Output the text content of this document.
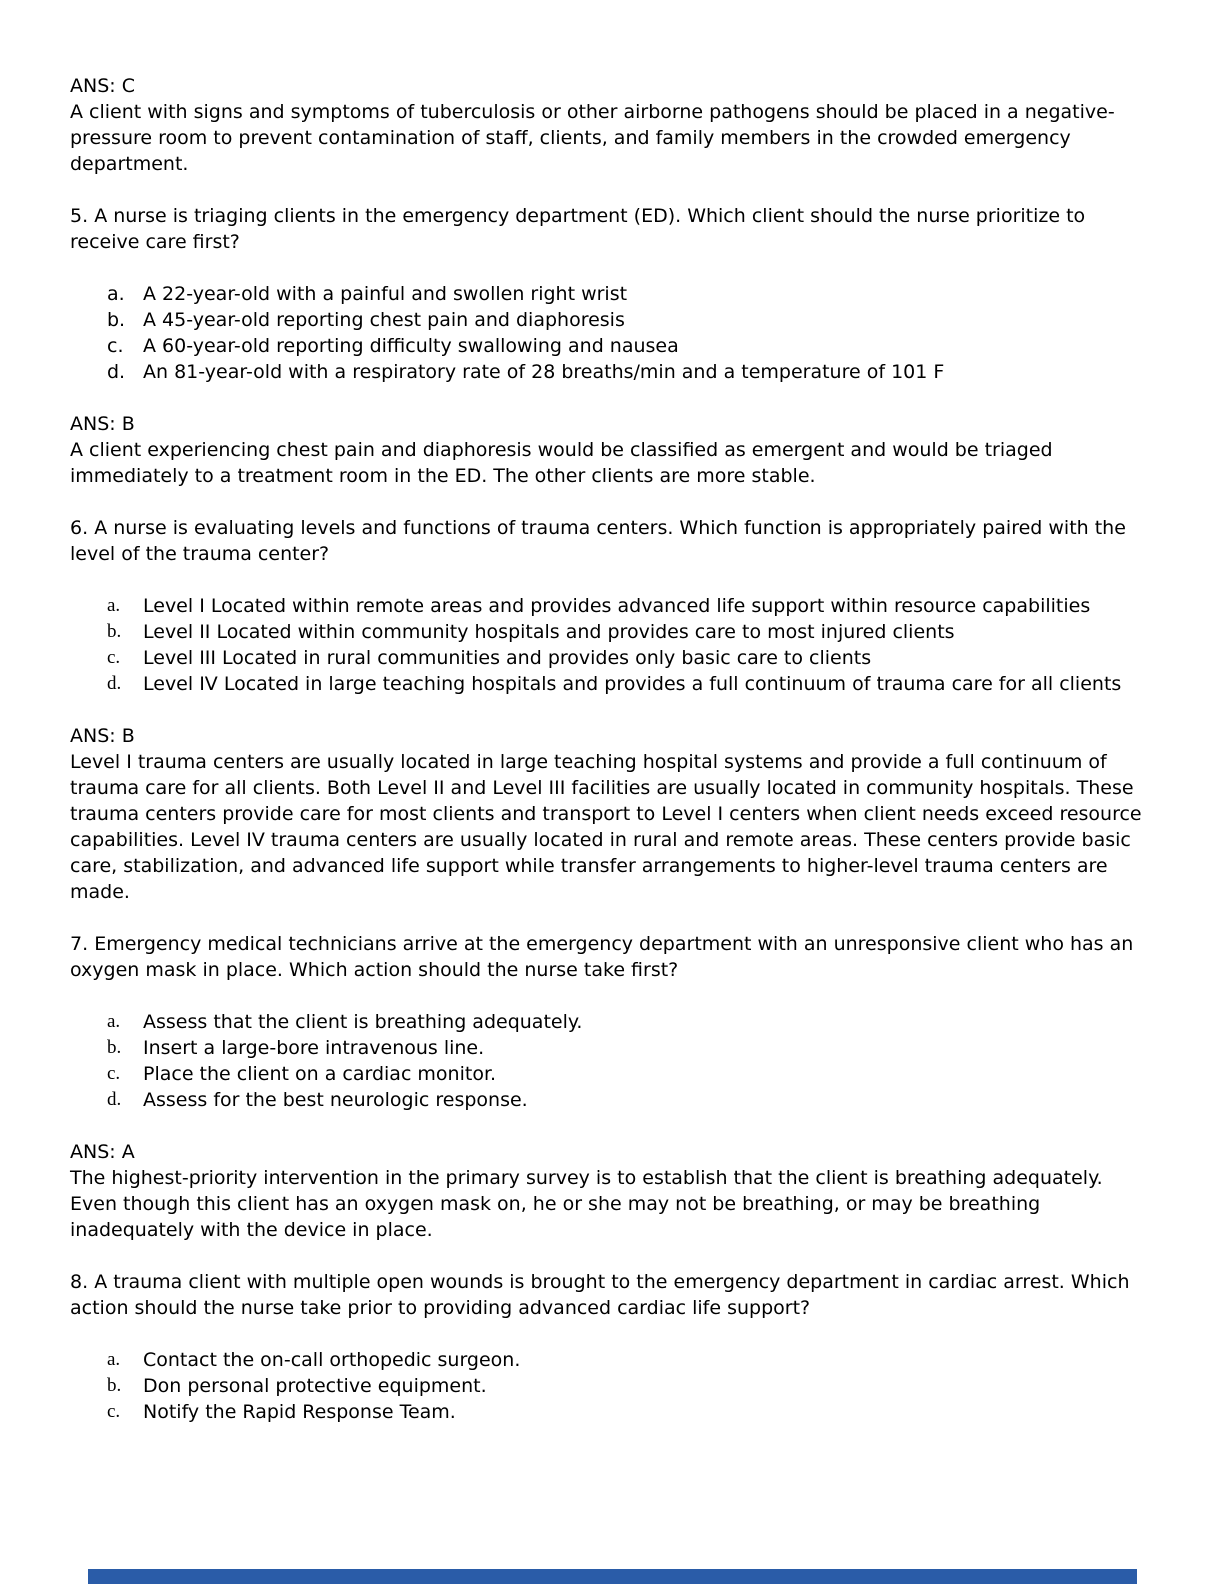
ANS: C

A client with signs and symptoms of tuberculosis or other airborne pathogens should be placed in a negative- pressure room to prevent contamination of staff, clients, and family members in the crowded emergency department.

5. A nurse is triaging clients in the emergency department (ED). Which client should the nurse prioritize to receive care first?

a. A 22-year-old with a painful and swollen right wrist
b. A 45-year-old reporting chest pain and diaphoresis
c.	A 60-year-old reporting difficulty swallowing and nausea
d. An 81-year-old with a respiratory rate of 28 breaths/min and a temperature of 101 F

ANS: B

A client experiencing chest pain and diaphoresis would be classified as emergent and would be triaged immediately to a treatment room in the ED. The other clients are more stable.

6. A nurse is evaluating levels and functions of trauma centers. Which function is appropriately paired with the level of the trauma center?

a.	Level I Located within remote areas and provides advanced life support within resource capabilities
b.	Level II Located within community hospitals and provides care to most injured clients
c.	Level III Located in rural communities and provides only basic care to clients
d.	Level IV Located in large teaching hospitals and provides a full continuum of trauma care for all clients

ANS: B

Level I trauma centers are usually located in large teaching hospital systems and provide a full continuum of trauma care for all clients. Both Level II and Level III facilities are usually located in community hospitals. These trauma centers provide care for most clients and transport to Level I centers when client needs exceed resource capabilities. Level IV trauma centers are usually located in rural and remote areas. These centers provide basic care, stabilization, and advanced life support while transfer arrangements to higher-level trauma centers are made.

7. Emergency medical technicians arrive at the emergency department with an unresponsive client who has an oxygen mask in place. Which action should the nurse take first?

a.	Assess that the client is breathing adequately.
b.	Insert a large-bore intravenous line.
c.	Place the client on a cardiac monitor.
d.	Assess for the best neurologic response.

ANS: A

The highest-priority intervention in the primary survey is to establish that the client is breathing adequately. Even though this client has an oxygen mask on, he or she may not be breathing, or may be breathing inadequately with the device in place.

8. A trauma client with multiple open wounds is brought to the emergency department in cardiac arrest. Which action should the nurse take prior to providing advanced cardiac life support?

a.	Contact the on-call orthopedic surgeon.
b.	Don personal protective equipment.
c.	Notify the Rapid Response Team.
